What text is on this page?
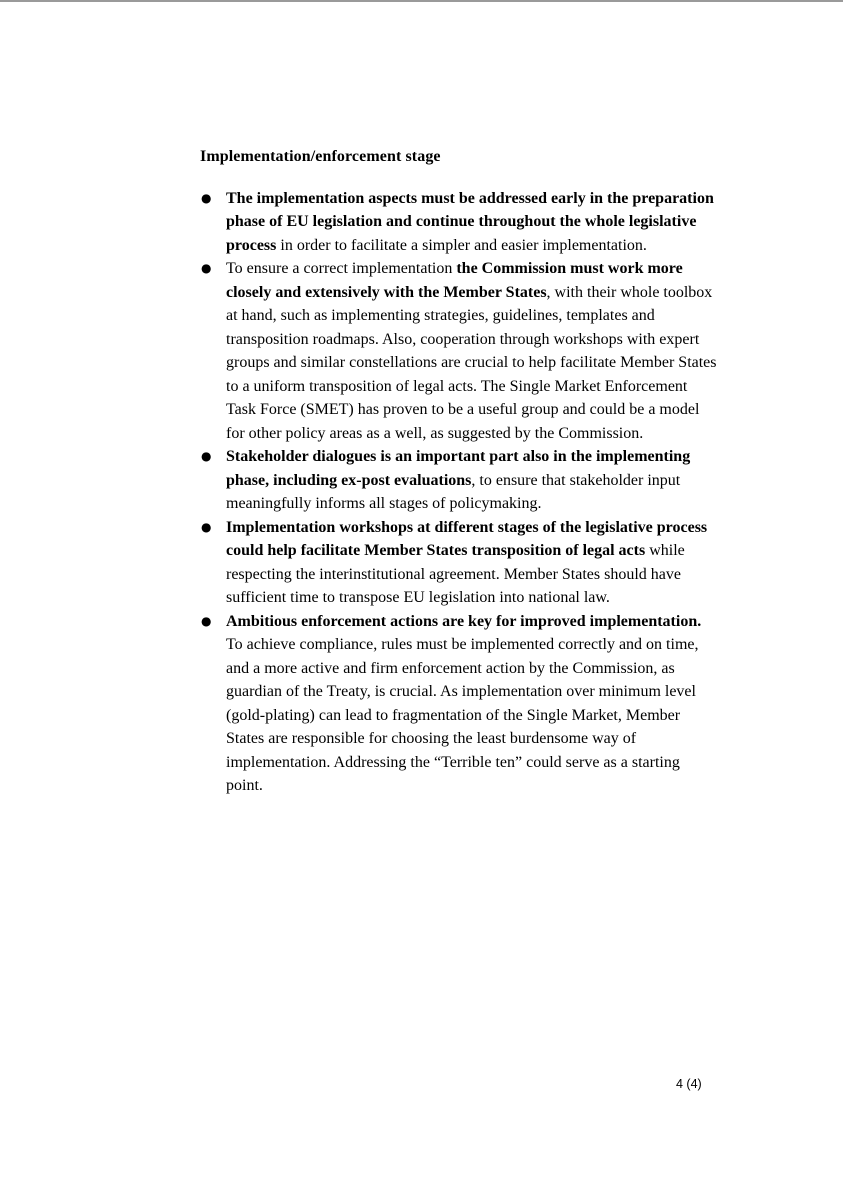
Implementation/enforcement stage
● The implementation aspects must be addressed early in the preparation phase of EU legislation and continue throughout the whole legislative process in order to facilitate a simpler and easier implementation.
● To ensure a correct implementation the Commission must work more closely and extensively with the Member States, with their whole toolbox at hand, such as implementing strategies, guidelines, templates and transposition roadmaps. Also, cooperation through workshops with expert groups and similar constellations are crucial to help facilitate Member States to a uniform transposition of legal acts. The Single Market Enforcement Task Force (SMET) has proven to be a useful group and could be a model for other policy areas as a well, as suggested by the Commission.
● Stakeholder dialogues is an important part also in the implementing phase, including ex-post evaluations, to ensure that stakeholder input meaningfully informs all stages of policymaking.
● Implementation workshops at different stages of the legislative process could help facilitate Member States transposition of legal acts while respecting the interinstitutional agreement. Member States should have sufficient time to transpose EU legislation into national law.
● Ambitious enforcement actions are key for improved implementation. To achieve compliance, rules must be implemented correctly and on time, and a more active and firm enforcement action by the Commission, as guardian of the Treaty, is crucial. As implementation over minimum level (gold-plating) can lead to fragmentation of the Single Market, Member States are responsible for choosing the least burdensome way of implementation. Addressing the “Terrible ten” could serve as a starting point.
4 (4)
